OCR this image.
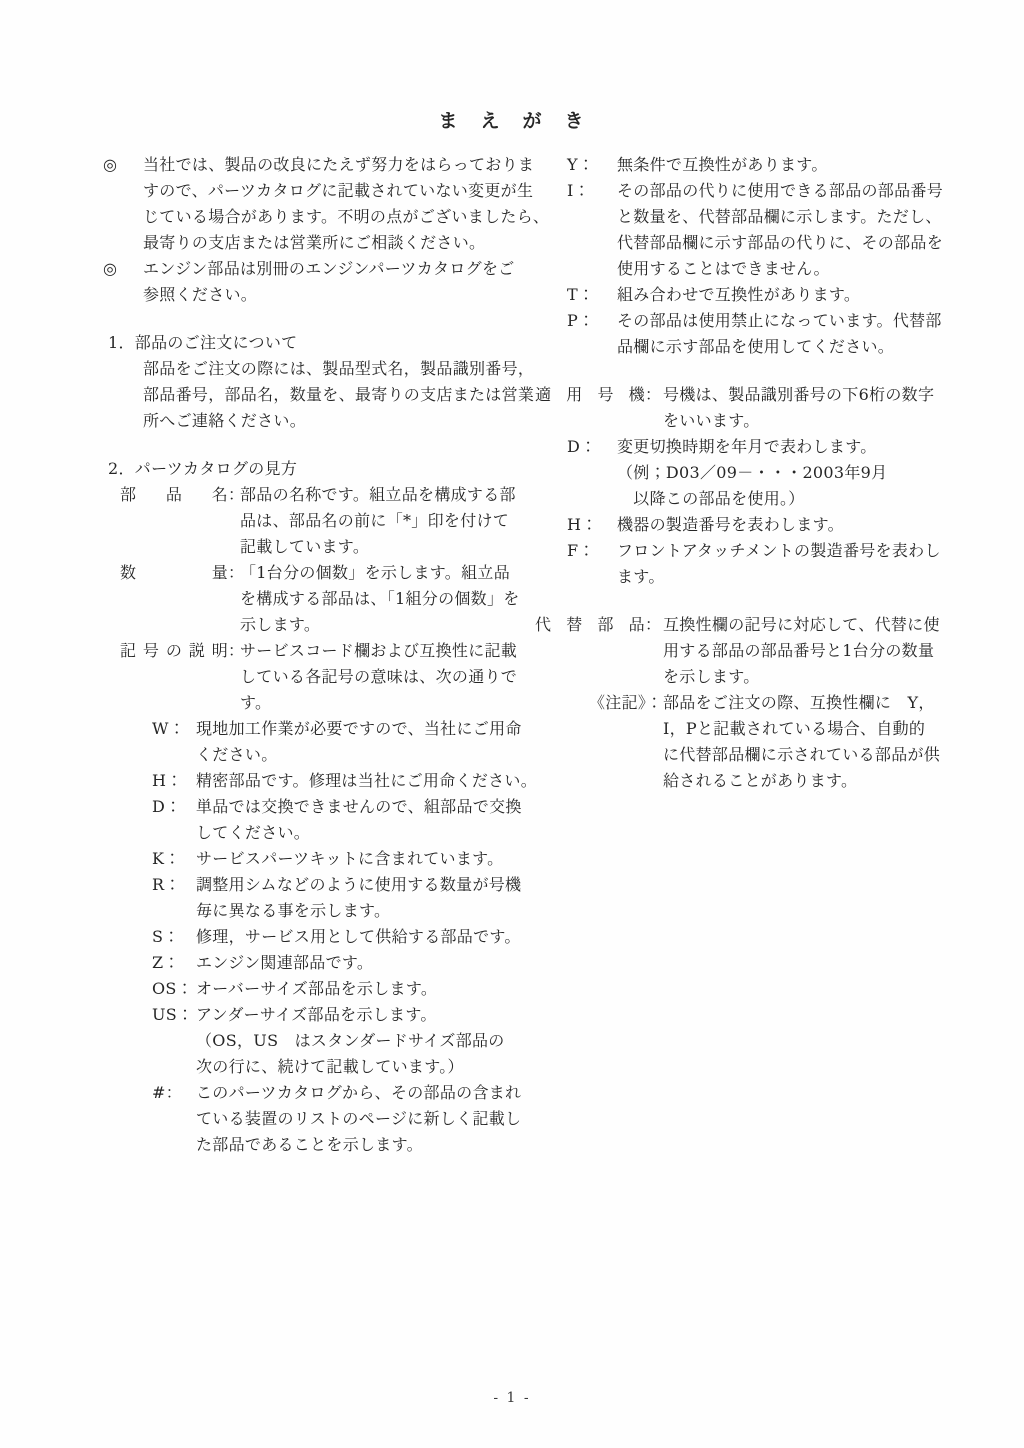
ま　え　が　き
◎	当社では、製品の改良にたえず努力をはらっておりま
すので、パーツカタログに記載されていない変更が生
じている場合があります。不明の点がございましたら、
最寄りの支店または営業所にご相談ください。
◎	エンジン部品は別冊のエンジンパーツカタログをご
参照ください。
1．部品のご注文について
部品をご注文の際には、製品型式名，製品識別番号，
部品番号，部品名，数量を、最寄りの支店または営業
所へご連絡ください。
2．パーツカタログの見方
部 品 名 ：
部品の名称です。組立品を構成する部
品は、部品名の前に「*」印を付けて
記載しています。
数	量 ：
「1台分の個数」を示します。組立品
を構成する部品は、「1組分の個数」を
示します。
記 号 の 説 明 ：
サービスコード欄および互換性に記載
している各記号の意味は、次の通りで
す。
W： 現地加工作業が必要ですので、当社にご用命
ください。
H： 精密部品です。修理は当社にご用命ください。
D： 単品では交換できませんので、組部品で交換
してください。
K： サービスパーツキットに含まれています。
R： 調整用シムなどのように使用する数量が号機
毎に異なる事を示します。
S：	修理，サービス用として供給する部品です。
Z：	エンジン関連部品です。
OS： オーバーサイズ部品を示します。
US： アンダーサイズ部品を示します。
（OS，US　はスタンダードサイズ部品の
次の行に、続けて記載しています。）
#： このパーツカタログから、その部品の含まれ
ている装置のリストのページに新しく記載し
た部品であることを示します。
Y：	無条件で互換性があります。
I：	その部品の代りに使用できる部品の部品番号
と数量を、代替部品欄に示します。ただし、
代替部品欄に示す部品の代りに、その部品を
使用することはできません。
T：	組み合わせで互換性があります。
P：	その部品は使用禁止になっています。代替部
品欄に示す部品を使用してください。
適 用 号 機 ： 号機は、製品識別番号の下6桁の数字
をいいます。
D：	変更切換時期を年月で表わします。
（例；D03／09－・・・2003年9月
　以降この部品を使用。）
H：	機器の製造番号を表わします。
F：	フロントアタッチメントの製造番号を表わし
ます。
代 替 部 品 ： 互換性欄の記号に対応して、代替に使
用する部品の部品番号と1台分の数量
を示します。
《注記》： 部品をご注文の際、互換性欄に　Y，
I，Pと記載されている場合、自動的
に代替部品欄に示されている部品が供
給されることがあります。
- 1 -
